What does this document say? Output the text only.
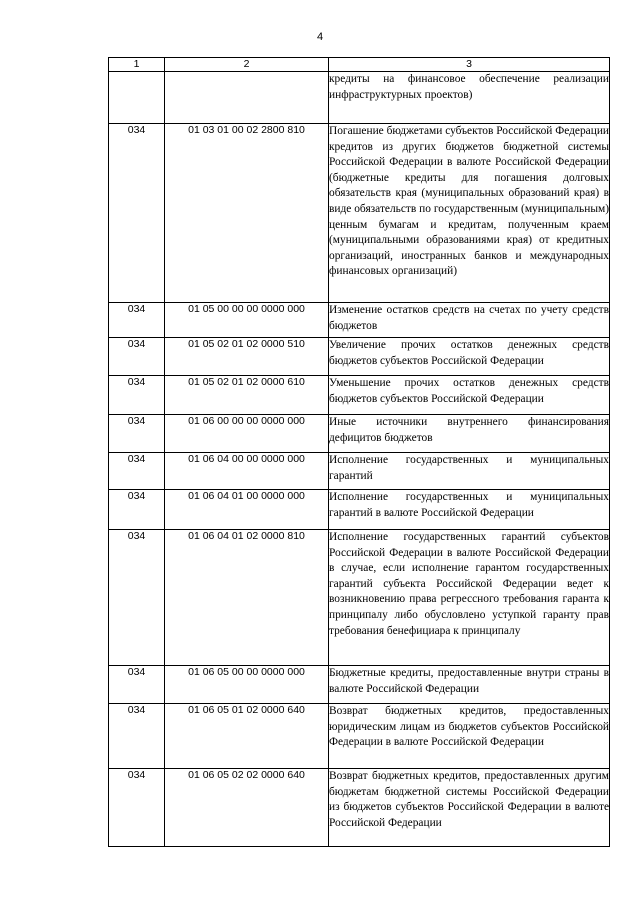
4
1	2	3
		кредиты на финансовое обеспечение реализации инфраструктурных проектов)
034	01 03 01 00 02 2800 810	Погашение бюджетами субъектов Российской Федерации кредитов из других бюджетов бюджетной системы Российской Федерации в валюте Российской Федерации (бюджетные кредиты для погашения долговых обязательств края (муниципальных образований края) в виде обязательств по государственным (муниципальным) ценным бумагам и кредитам, полученным краем (муниципальными образованиями края) от кредитных организаций, иностранных банков и международных финансовых организаций)
034	01 05 00 00 00 0000 000	Изменение остатков средств на счетах по учету средств бюджетов
034	01 05 02 01 02 0000 510	Увеличение прочих остатков денежных средств бюджетов субъектов Российской Федерации
034	01 05 02 01 02 0000 610	Уменьшение прочих остатков денежных средств бюджетов субъектов Российской Федерации
034	01 06 00 00 00 0000 000	Иные источники внутреннего финансирования дефицитов бюджетов
034	01 06 04 00 00 0000 000	Исполнение государственных и муниципальных гарантий
034	01 06 04 01 00 0000 000	Исполнение государственных и муниципальных гарантий в валюте Российской Федерации
034	01 06 04 01 02 0000 810	Исполнение государственных гарантий субъектов Российской Федерации в валюте Российской Федерации в случае, если исполнение гарантом государственных гарантий субъекта Российской Федерации ведет к возникновению права регрессного требования гаранта к принципалу либо обусловлено уступкой гаранту прав требования бенефициара к принципалу
034	01 06 05 00 00 0000 000	Бюджетные кредиты, предоставленные внутри страны в валюте Российской Федерации
034	01 06 05 01 02 0000 640	Возврат бюджетных кредитов, предоставленных юридическим лицам из бюджетов субъектов Российской Федерации в валюте Российской Федерации
034	01 06 05 02 02 0000 640	Возврат бюджетных кредитов, предоставленных другим бюджетам бюджетной системы Российской Федерации из бюджетов субъектов Российской Федерации в валюте Российской Федерации
